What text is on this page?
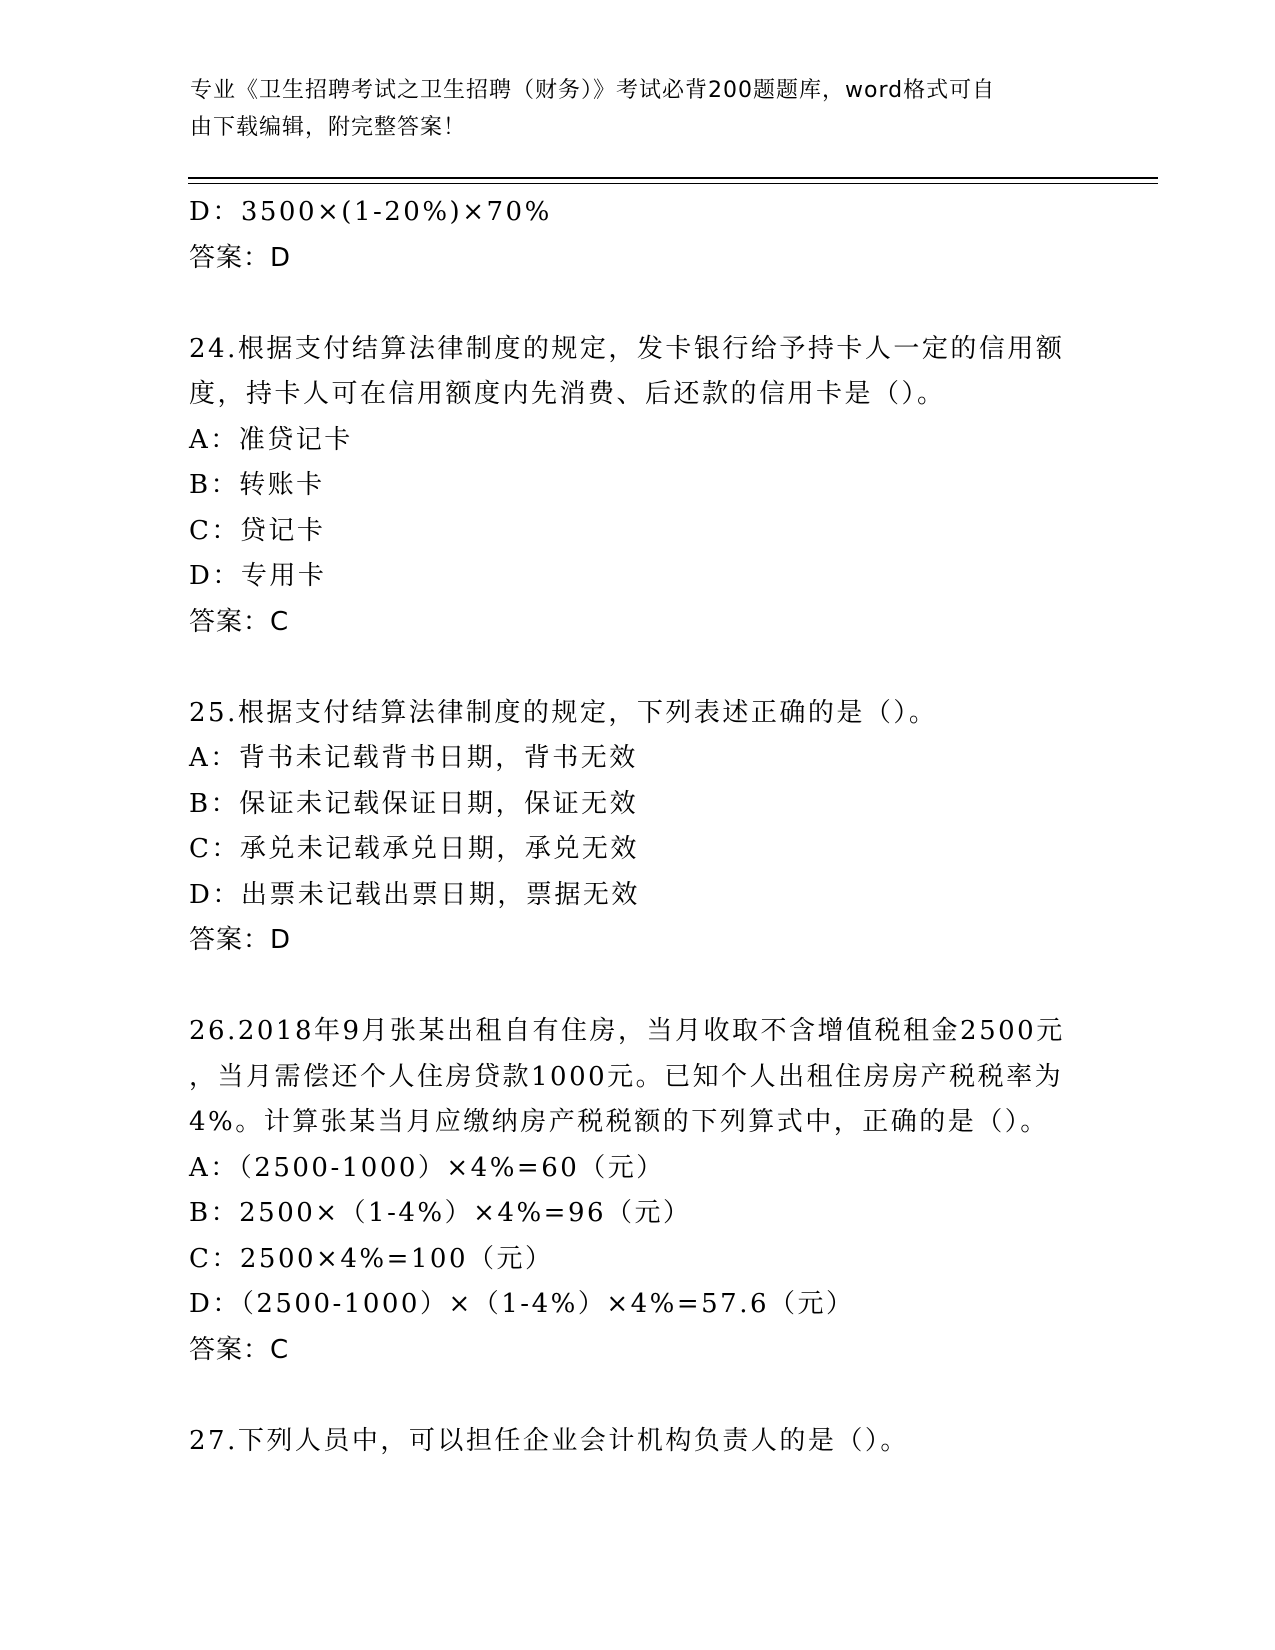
专业《卫生招聘考试之卫生招聘（财务）》考试必背200题题库，word格式可自
由下载编辑，附完整答案！
D：3500×(1-20%)×70%
答案：D
24.根据支付结算法律制度的规定，发卡银行给予持卡人一定的信用额
度，持卡人可在信用额度内先消费、后还款的信用卡是（）。
A：准贷记卡
B：转账卡
C：贷记卡
D：专用卡
答案：C
25.根据支付结算法律制度的规定，下列表述正确的是（）。
A：背书未记载背书日期，背书无效
B：保证未记载保证日期，保证无效
C：承兑未记载承兑日期，承兑无效
D：出票未记载出票日期，票据无效
答案：D
26.2018年9月张某出租自有住房，当月收取不含增值税租金2500元
，当月需偿还个人住房贷款1000元。已知个人出租住房房产税税率为
4%。计算张某当月应缴纳房产税税额的下列算式中，正确的是（）。
A：（2500-1000）×4%=60（元）
B：2500×（1-4%）×4%=96（元）
C：2500×4%=100（元）
D：（2500-1000）×（1-4%）×4%=57.6（元）
答案：C
27.下列人员中，可以担任企业会计机构负责人的是（）。
